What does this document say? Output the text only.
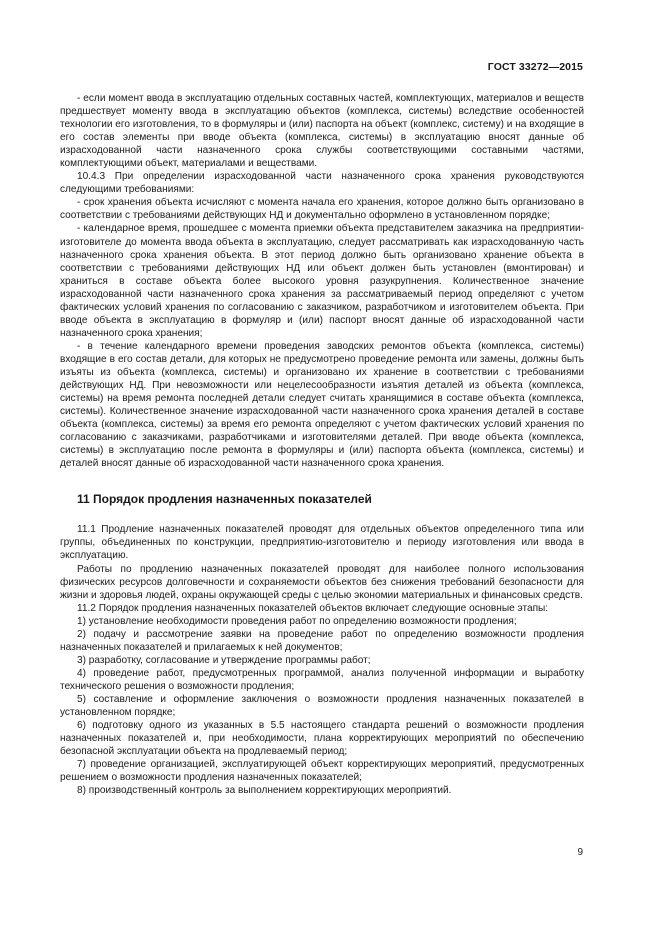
ГОСТ 33272—2015

- если момент ввода в эксплуатацию отдельных составных частей, комплектующих, материалов и веществ предшествует моменту ввода в эксплуатацию объектов (комплекса, системы) вследствие особенностей технологии его изготовления, то в формуляры и (или) паспорта на объект (комплекс, систему) и на входящие в его состав элементы при вводе объекта (комплекса, системы) в эксплуатацию вносят данные об израсходованной части назначенного срока службы соответствующими составными частями, комплектующими объект, материалами и веществами.

10.4.3 При определении израсходованной части назначенного срока хранения руководствуются следующими требованиями:

- срок хранения объекта исчисляют с момента начала его хранения, которое должно быть организовано в соответствии с требованиями действующих НД и документально оформлено в установленном порядке;

- календарное время, прошедшее с момента приемки объекта представителем заказчика на предприятии-изготовителе до момента ввода объекта в эксплуатацию, следует рассматривать как израсходованную часть назначенного срока хранения объекта. В этот период должно быть организовано хранение объекта в соответствии с требованиями действующих НД или объект должен быть установлен (вмонтирован) и храниться в составе объекта более высокого уровня разукрупнения. Количественное значение израсходованной части назначенного срока хранения за рассматриваемый период определяют с учетом фактических условий хранения по согласованию с заказчиком, разработчиком и изготовителем объекта. При вводе объекта в эксплуатацию в формуляр и (или) паспорт вносят данные об израсходованной части назначенного срока хранения;

- в течение календарного времени проведения заводских ремонтов объекта (комплекса, системы) входящие в его состав детали, для которых не предусмотрено проведение ремонта или замены, должны быть изъяты из объекта (комплекса, системы) и организовано их хранение в соответствии с требованиями действующих НД. При невозможности или нецелесообразности изъятия деталей из объекта (комплекса, системы) на время ремонта последней детали следует считать хранящимися в составе объекта (комплекса, системы). Количественное значение израсходованной части назначенного срока хранения деталей в составе объекта (комплекса, системы) за время его ремонта определяют с учетом фактических условий хранения по согласованию с заказчиками, разработчиками и изготовителями деталей. При вводе объекта (комплекса, системы) в эксплуатацию после ремонта в формуляры и (или) паспорта объекта (комплекса, системы) и деталей вносят данные об израсходованной части назначенного срока хранения.

11 Порядок продления назначенных показателей

11.1 Продление назначенных показателей проводят для отдельных объектов определенного типа или группы, объединенных по конструкции, предприятию-изготовителю и периоду изготовления или ввода в эксплуатацию.

Работы по продлению назначенных показателей проводят для наиболее полного использования физических ресурсов долговечности и сохраняемости объектов без снижения требований безопасности для жизни и здоровья людей, охраны окружающей среды с целью экономии материальных и финансовых средств.

11.2 Порядок продления назначенных показателей объектов включает следующие основные этапы:

1) установление необходимости проведения работ по определению возможности продления;

2) подачу и рассмотрение заявки на проведение работ по определению возможности продления назначенных показателей и прилагаемых к ней документов;

3) разработку, согласование и утверждение программы работ;

4) проведение работ, предусмотренных программой, анализ полученной информации и выработку технического решения о возможности продления;

5) составление и оформление заключения о возможности продления назначенных показателей в установленном порядке;

6) подготовку одного из указанных в 5.5 настоящего стандарта решений о возможности продления назначенных показателей и, при необходимости, плана корректирующих мероприятий по обеспечению безопасной эксплуатации объекта на продлеваемый период;

7) проведение организацией, эксплуатирующей объект корректирующих мероприятий, предусмотренных решением о возможности продления назначенных показателей;

8) производственный контроль за выполнением корректирующих мероприятий.

9
